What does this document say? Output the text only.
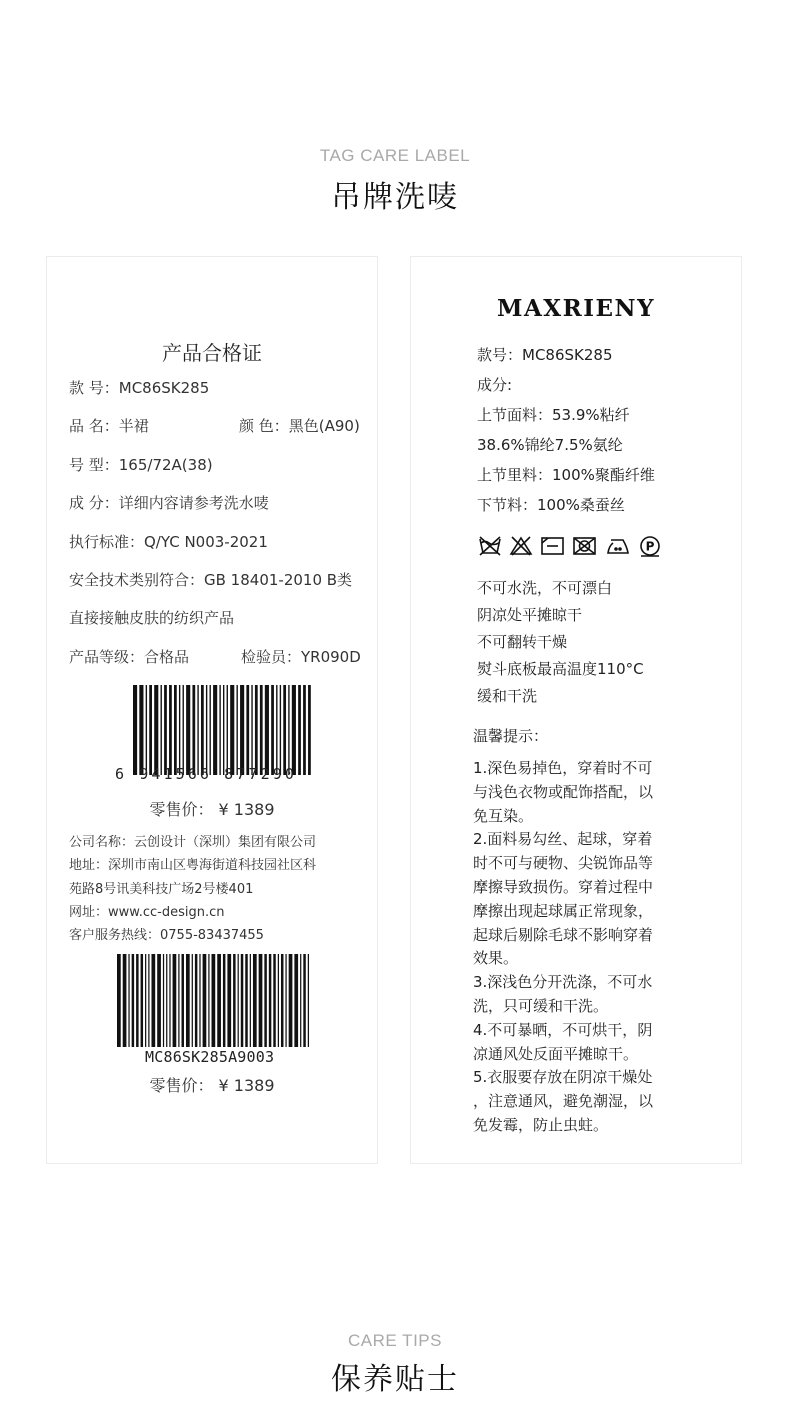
TAG CARE LABEL
吊牌洗唛
产品合格证
款 号：MC86SK285
品 名：半裙	颜 色：黑色(A90)
号 型：165/72A(38)
成 分：详细内容请参考洗水唛
执行标准：Q/YC N003-2021
安全技术类别符合：GB 18401-2010 B类
直接接触皮肤的纺织产品
产品等级：合格品	检验员：YR090D
6 941566 877290
零售价： ¥ 1389
公司名称：云创设计（深圳）集团有限公司
地址：深圳市南山区粤海街道科技园社区科
苑路8号讯美科技广场2号楼401
网址：www.cc-design.cn
客户服务热线：0755-83437455
MC86SK285A9003
零售价： ¥ 1389
MAXRIENY
款号：MC86SK285
成分:
上节面料：53.9%粘纤
38.6%锦纶7.5%氨纶
上节里料：100%聚酯纤维
下节料：100%桑蚕丝
P
不可水洗，不可漂白
阴凉处平摊晾干
不可翻转干燥
熨斗底板最高温度110°C
缓和干洗
温馨提示：
1.深色易掉色，穿着时不可
与浅色衣物或配饰搭配，以
免互染。
2.面料易勾丝、起球，穿着
时不可与硬物、尖锐饰品等
摩擦导致损伤。穿着过程中
摩擦出现起球属正常现象，
起球后剔除毛球不影响穿着
效果。
3.深浅色分开洗涤，不可水
洗，只可缓和干洗。
4.不可暴晒，不可烘干，阴
凉通风处反面平摊晾干。
5.衣服要存放在阴凉干燥处
，注意通风，避免潮湿，以
免发霉，防止虫蛀。
CARE TIPS
保养贴士
